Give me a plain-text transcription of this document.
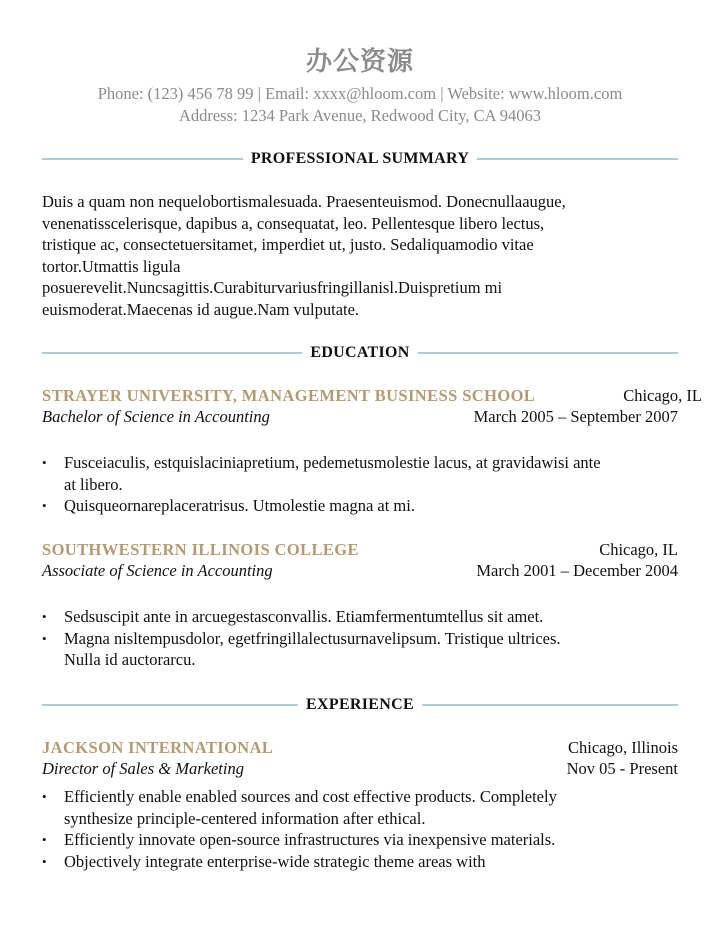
办公资源
Phone: (123) 456 78 99 | Email: xxxx@hloom.com | Website: www.hloom.com
Address: 1234 Park Avenue, Redwood City, CA 94063
PROFESSIONAL SUMMARY
Duis a quam non nequelobortismalesuada. Praesenteuismod. Donecnullaaugue,
venenatisscelerisque, dapibus a, consequatat, leo. Pellentesque libero lectus,
tristique ac, consectetuersitamet, imperdiet ut, justo. Sedaliquamodio vitae
tortor.Utmattis ligula
posuerevelit.Nuncsagittis.Curabiturvariusfringillanisl.Duispretium mi
euismoderat.Maecenas id augue.Nam vulputate.
EDUCATION
STRAYER UNIVERSITY, MANAGEMENT BUSINESS SCHOOL	Chicago, IL
Bachelor of Science in Accounting	March 2005 – September 2007
• Fusceiaculis, estquislaciniapretium, pedemetusmolestie lacus, at gravidawisi ante
at libero.
• Quisqueornareplaceratrisus. Utmolestie magna at mi.
SOUTHWESTERN ILLINOIS COLLEGE	Chicago, IL
Associate of Science in Accounting	March 2001 – December 2004
• Sedsuscipit ante in arcuegestasconvallis. Etiamfermentumtellus sit amet.
• Magna nisltempusdolor, egetfringillalectusurnavelipsum. Tristique ultrices.
Nulla id auctorarcu.
EXPERIENCE
JACKSON INTERNATIONAL	Chicago, Illinois
Director of Sales & Marketing	Nov 05 - Present
• Efficiently enable enabled sources and cost effective products. Completely
synthesize principle-centered information after ethical.
• Efficiently innovate open-source infrastructures via inexpensive materials.
• Objectively integrate enterprise-wide strategic theme areas with
